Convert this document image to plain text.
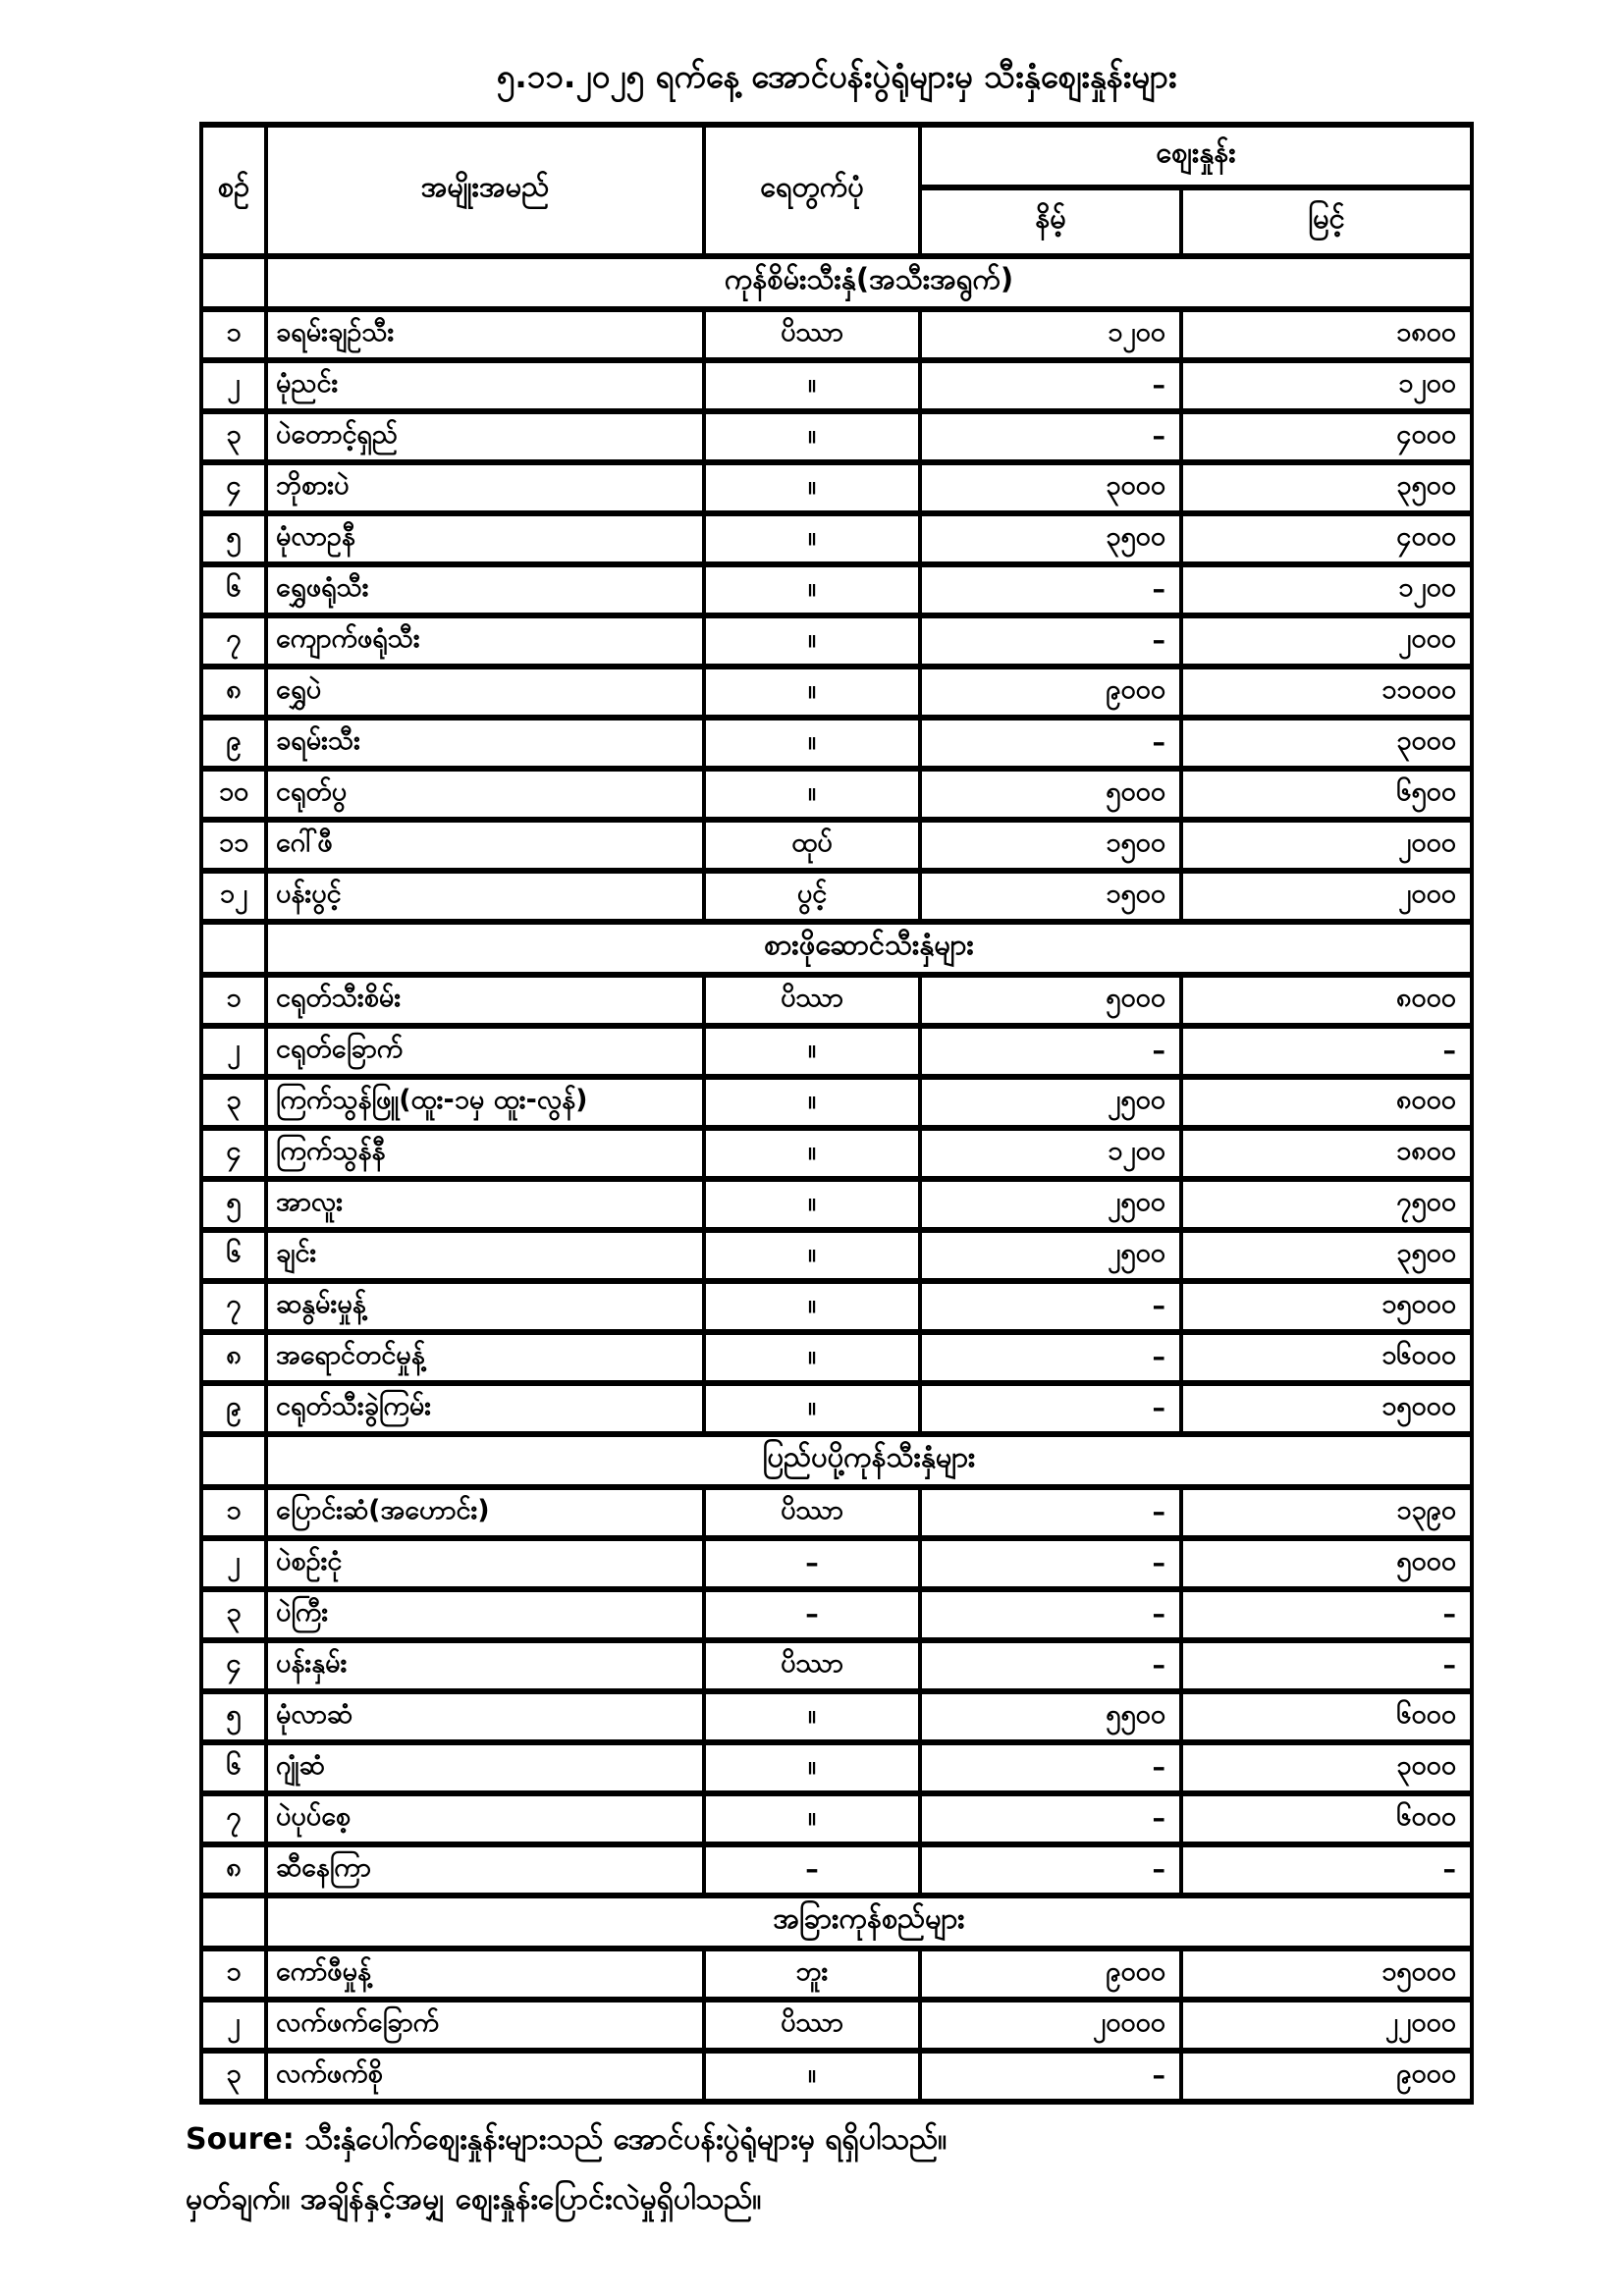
၅.၁၁.၂၀၂၅ ရက်နေ့ အောင်ပန်းပွဲရုံများမှ သီးနှံစျေးနှုန်းများ
စဉ်	အမျိုးအမည်	ရေတွက်ပုံ	စျေးနှုန်း	
			နိမ့်	မြင့်
	ကုန်စိမ်းသီးနှံ(အသီးအရွက်)			
၁	ခရမ်းချဉ်သီး	ပိဿာ	၁၂၀၀	၁၈၀၀
၂	မုံညင်း	။	–	၁၂၀၀
၃	ပဲတောင့်ရှည်	။	–	၄၀၀၀
၄	ဘိုစားပဲ	။	၃၀၀၀	၃၅၀၀
၅	မုံလာဥနီ	။	၃၅၀၀	၄၀၀၀
၆	ရွှေဖရုံသီး	။	–	၁၂၀၀
၇	ကျောက်ဖရုံသီး	။	–	၂၀၀၀
၈	ရွှေပဲ	။	၉၀၀၀	၁၁၀၀၀
၉	ခရမ်းသီး	။	–	၃၀၀၀
၁၀	ငရုတ်ပွ	။	၅၀၀၀	၆၅၀၀
၁၁	ဂေါ်ဖီ	ထုပ်	၁၅၀၀	၂၀၀၀
၁၂	ပန်းပွင့်	ပွင့်	၁၅၀၀	၂၀၀၀
	စားဖိုဆောင်သီးနှံများ			
၁	ငရုတ်သီးစိမ်း	ပိဿာ	၅၀၀၀	၈၀၀၀
၂	ငရုတ်ခြောက်	။	–	–
၃	ကြက်သွန်ဖြူ(ထူး-၁မှ ထူး-လွန်)	။	၂၅၀၀	၈၀၀၀
၄	ကြက်သွန်နီ	။	၁၂၀၀	၁၈၀၀
၅	အာလူး	။	၂၅၀၀	၇၅၀၀
၆	ချင်း	။	၂၅၀၀	၃၅၀၀
၇	ဆနွမ်းမှုန့်	။	–	၁၅၀၀၀
၈	အရောင်တင်မှုန့်	။	–	၁၆၀၀၀
၉	ငရုတ်သီးခွဲကြမ်း	။	–	၁၅၀၀၀
	ပြည်ပပို့ကုန်သီးနှံများ			
၁	ပြောင်းဆံ(အဟောင်း)	ပိဿာ	–	၁၃၉၀
၂	ပဲစဉ်းငုံ	–	–	၅၀၀၀
၃	ပဲကြီး	–	–	–
၄	ပန်းနှမ်း	ပိဿာ	–	–
၅	မုံလာဆံ	။	၅၅၀၀	၆၀၀၀
၆	ဂျုံဆံ	။	–	၃၀၀၀
၇	ပဲပုပ်စေ့	။	–	၆၀၀၀
၈	ဆီနေကြာ	–	–	–
	အခြားကုန်စည်များ			
၁	ကော်ဖီမှုန့်	ဘူး	၉၀၀၀	၁၅၀၀၀
၂	လက်ဖက်ခြောက်	ပိဿာ	၂၀၀၀၀	၂၂၀၀၀
၃	လက်ဖက်စို	။	–	၉၀၀၀
Soure: သီးနှံပေါက်စျေးနှုန်းများသည် အောင်ပန်းပွဲရုံများမှ ရရှိပါသည်။
မှတ်ချက်။ အချိန်နှင့်အမျှ စျေးနှုန်းပြောင်းလဲမှုရှိပါသည်။
